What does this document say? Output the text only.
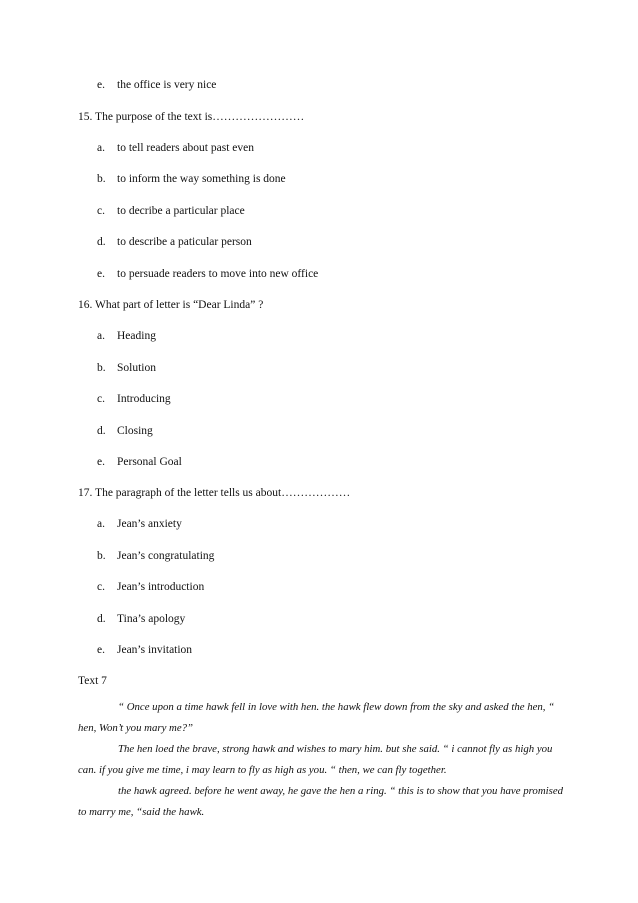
e.	the office is very nice
15. The purpose of the text is……………………
a.	to tell readers about past even
b. to inform the way something is done
c.	to decribe a particular place
d. to describe a paticular person
e.	to persuade readers to move into new office
16. What part of letter is “Dear Linda” ?
a.	Heading
b. Solution
c.	Introducing
d. Closing
e.	Personal Goal
17. The paragraph of the letter tells us about………………
a.	Jean’s anxiety
b. Jean’s congratulating
c.	Jean’s introduction
d. Tina’s apology
e.	Jean’s invitation
Text 7

“ Once upon a time hawk fell in love with hen. the hawk flew down from the sky and asked the hen, “ hen, Won’t you mary me?”

The hen loed the brave, strong hawk and wishes to mary him. but she said. “ i cannot fly as high you can. if you give me time, i may learn to fly as high as you. “ then, we can fly together.

the hawk agreed. before he went away, he gave the hen a ring. “ this is to show that you have promised to marry me, “said the hawk.
